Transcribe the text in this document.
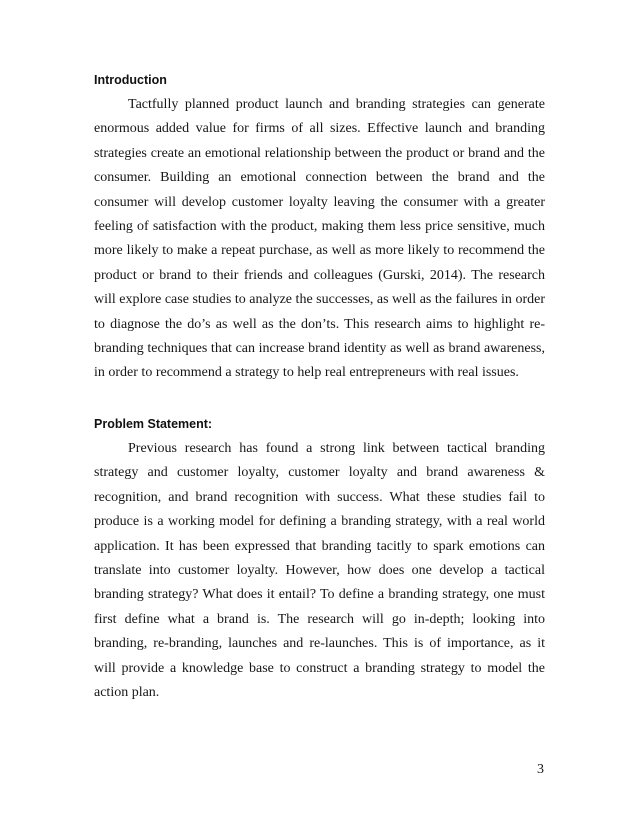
Introduction

Tactfully planned product launch and branding strategies can generate enormous added value for firms of all sizes. Effective launch and branding strategies create an emotional relationship between the product or brand and the consumer. Building an emotional connection between the brand and the consumer will develop customer loyalty leaving the consumer with a greater feeling of satisfaction with the product, making them less price sensitive, much more likely to make a repeat purchase, as well as more likely to recommend the product or brand to their friends and colleagues (Gurski, 2014). The research will explore case studies to analyze the successes, as well as the failures in order to diagnose the do’s as well as the don’ts. This research aims to highlight re-branding techniques that can increase brand identity as well as brand awareness, in order to recommend a strategy to help real entrepreneurs with real issues.

Problem Statement:

Previous research has found a strong link between tactical branding strategy and customer loyalty, customer loyalty and brand awareness & recognition, and brand recognition with success. What these studies fail to produce is a working model for defining a branding strategy, with a real world application. It has been expressed that branding tacitly to spark emotions can translate into customer loyalty. However, how does one develop a tactical branding strategy? What does it entail? To define a branding strategy, one must first define what a brand is. The research will go in-depth; looking into branding, re-branding, launches and re-launches. This is of importance, as it will provide a knowledge base to construct a branding strategy to model the action plan.

3
